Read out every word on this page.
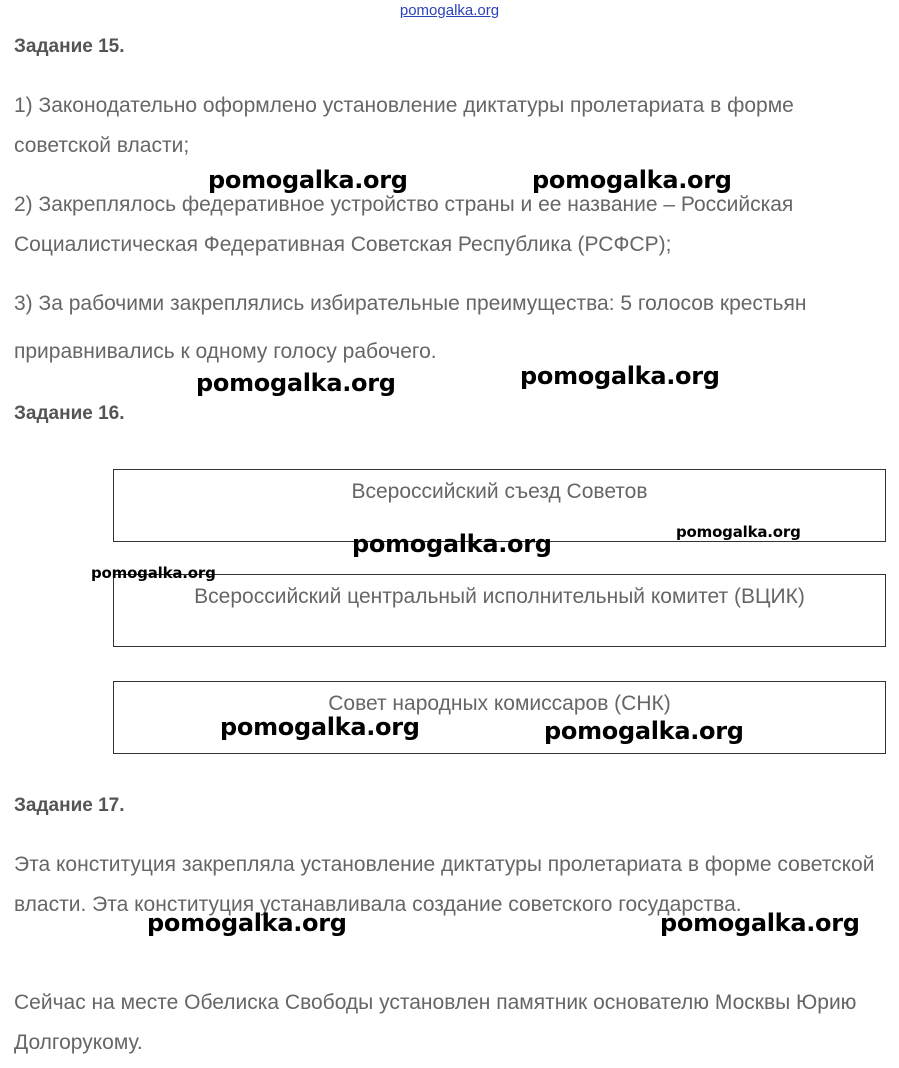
pomogalka.org
Задание 15.

1) Законодательно оформлено установление диктатуры пролетариата в форме советской власти;

2) Закреплялось федеративное устройство страны и ее название – Российская Социалистическая Федеративная Советская Республика (РСФСР);

3) За рабочими закреплялись избирательные преимущества: 5 голосов крестьян приравнивались к одному голосу рабочего.

Задание 16.
Всероссийский съезд Советов
Всероссийский центральный исполнительный комитет (ВЦИК)
Совет народных комиссаров (СНК)
Задание 17.

Эта конституция закрепляла установление диктатуры пролетариата в форме советской власти. Эта конституция устанавливала создание советского государства.

Сейчас на месте Обелиска Свободы установлен памятник основателю Москвы Юрию Долгорукому.

pomogalka.org	pomogalka.org
pomogalka.org	pomogalka.org
pomogalka.org
pomogalka.org
pomogalka.org
pomogalka.org	pomogalka.org
pomogalka.org	pomogalka.org
